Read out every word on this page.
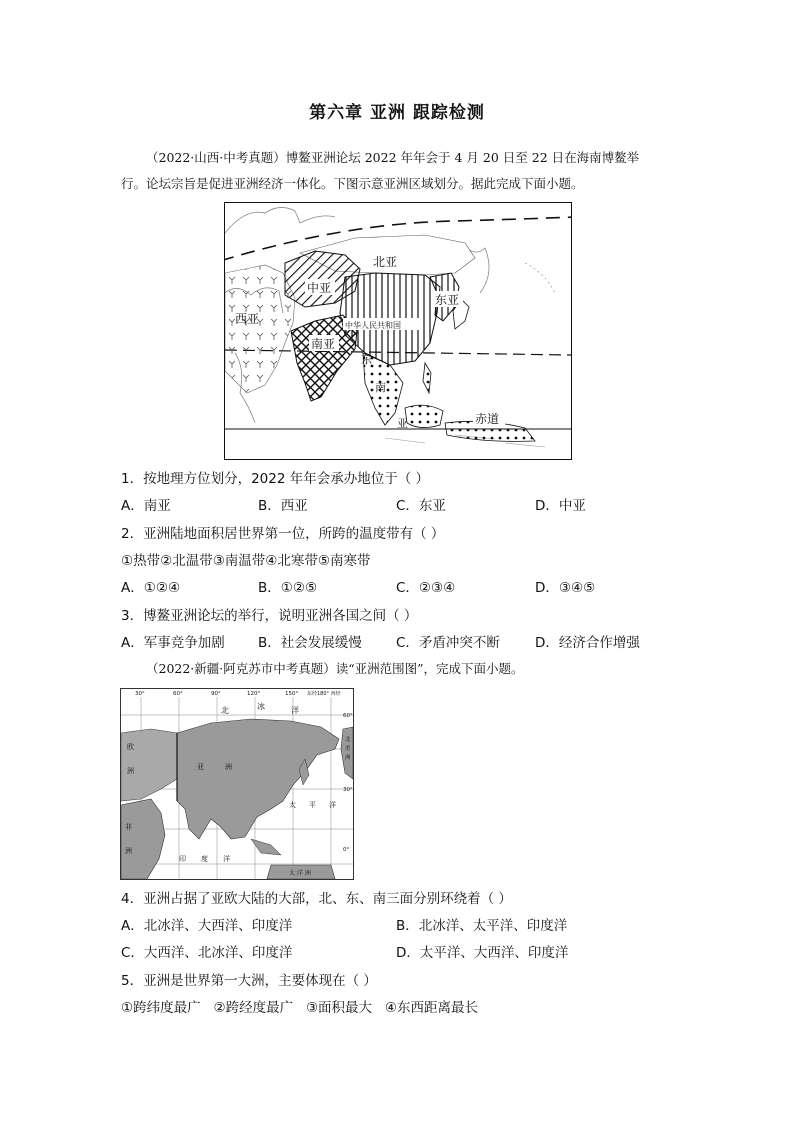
第六章 亚洲 跟踪检测
（2022·山西·中考真题）博鳌亚洲论坛 2022 年年会于 4 月 20 日至 22 日在海南博鳌举
行。论坛宗旨是促进亚洲经济一体化。下图示意亚洲区域划分。据此完成下面小题。
北亚
中亚
西亚
东亚
南亚
中华人民共和国
东
南
亚	赤道
1．按地理方位划分，2022 年年会承办地位于（ ）
A．南亚	B．西亚	C．东亚	D．中亚
2．亚洲陆地面积居世界第一位，所跨的温度带有（ ）
①热带②北温带③南温带④北寒带⑤南寒带
A．①②④	B．①②⑤	C．②③④	D．③④⑤
3．博鳌亚洲论坛的举行，说明亚洲各国之间（ ）
A．军事竞争加剧 B．社会发展缓慢	C．矛盾冲突不断	D．经济合作增强
（2022·新疆·阿克苏市中考真题）读“亚洲范围图”，完成下面小题。
30°	60°	90°	120°	150° 东经180° 西经
60°
30°
0°
北	冰	洋
欧
洲	亚	洲
非
洲
太 平 洋
印 度 洋
北
美
洲
大 洋 洲
4．亚洲占据了亚欧大陆的大部，北、东、南三面分别环绕着（ ）
A．北冰洋、大西洋、印度洋	B．北冰洋、太平洋、印度洋
C．大西洋、北冰洋、印度洋	D．太平洋、大西洋、印度洋
5．亚洲是世界第一大洲，主要体现在（ ）
①跨纬度最广   ②跨经度最广   ③面积最大   ④东西距离最长
